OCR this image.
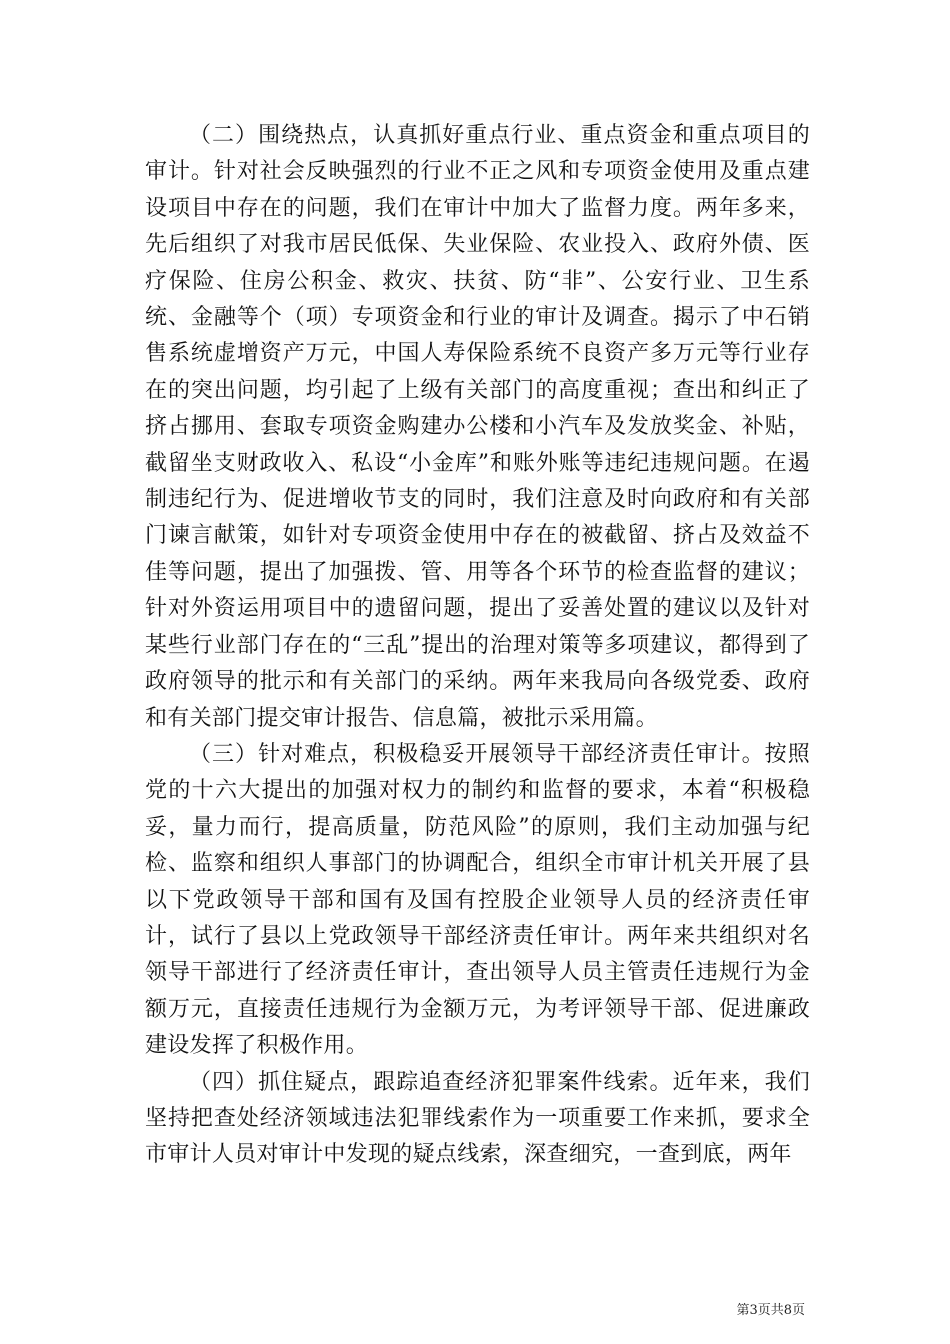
（二）围绕热点，认真抓好重点行业、重点资金和重点项目的审计。针对社会反映强烈的行业不正之风和专项资金使用及重点建设项目中存在的问题，我们在审计中加大了监督力度。两年多来，先后组织了对我市居民低保、失业保险、农业投入、政府外债、医疗保险、住房公积金、救灾、扶贫、防“非”、公安行业、卫生系统、金融等个（项）专项资金和行业的审计及调查。揭示了中石销售系统虚增资产万元，中国人寿保险系统不良资产多万元等行业存在的突出问题，均引起了上级有关部门的高度重视；查出和纠正了挤占挪用、套取专项资金购建办公楼和小汽车及发放奖金、补贴，截留坐支财政收入、私设“小金库”和账外账等违纪违规问题。在遏制违纪行为、促进增收节支的同时，我们注意及时向政府和有关部门谏言献策，如针对专项资金使用中存在的被截留、挤占及效益不佳等问题，提出了加强拨、管、用等各个环节的检查监督的建议；针对外资运用项目中的遗留问题，提出了妥善处置的建议以及针对某些行业部门存在的“三乱”提出的治理对策等多项建议，都得到了政府领导的批示和有关部门的采纳。两年来我局向各级党委、政府和有关部门提交审计报告、信息篇，被批示采用篇。

（三）针对难点，积极稳妥开展领导干部经济责任审计。按照党的十六大提出的加强对权力的制约和监督的要求，本着“积极稳妥，量力而行，提高质量，防范风险”的原则，我们主动加强与纪检、监察和组织人事部门的协调配合，组织全市审计机关开展了县以下党政领导干部和国有及国有控股企业领导人员的经济责任审计，试行了县以上党政领导干部经济责任审计。两年来共组织对名领导干部进行了经济责任审计，查出领导人员主管责任违规行为金额万元，直接责任违规行为金额万元，为考评领导干部、促进廉政建设发挥了积极作用。

（四）抓住疑点，跟踪追查经济犯罪案件线索。近年来，我们坚持把查处经济领域违法犯罪线索作为一项重要工作来抓，要求全市审计人员对审计中发现的疑点线索，深查细究，一查到底，两年

第3页共8页
